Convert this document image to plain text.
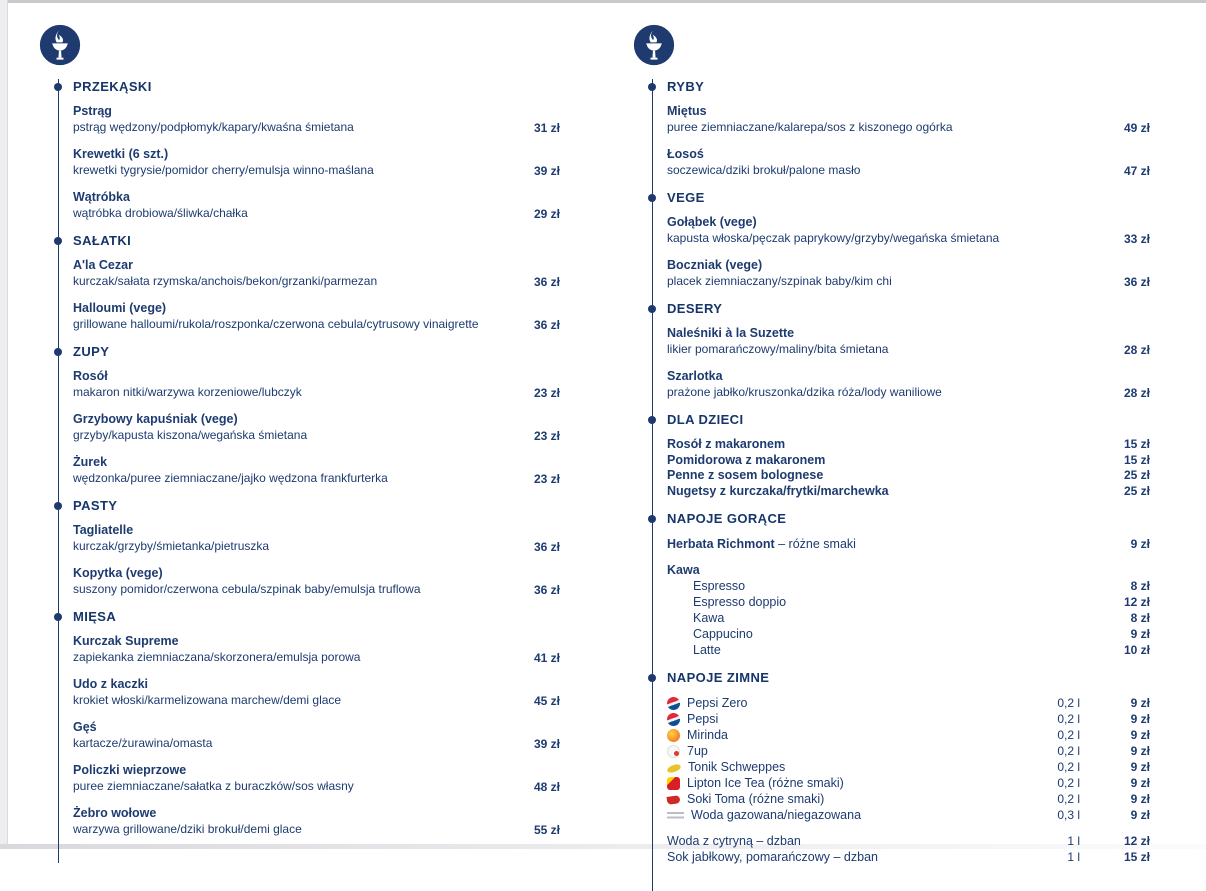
PRZEKĄSKI
Pstrąg
pstrąg wędzony/podpłomyk/kapary/kwaśna śmietana	31 zł
Krewetki (6 szt.)
krewetki tygrysie/pomidor cherry/emulsja winno-maślana	39 zł
Wątróbka
wątróbka drobiowa/śliwka/chałka	29 zł
SAŁATKI
A'la Cezar
kurczak/sałata rzymska/anchois/bekon/grzanki/parmezan	36 zł
Halloumi (vege)
grillowane halloumi/rukola/roszponka/czerwona cebula/cytrusowy vinaigrette	36 zł
ZUPY
Rosół
makaron nitki/warzywa korzeniowe/lubczyk	23 zł
Grzybowy kapuśniak (vege)
grzyby/kapusta kiszona/wegańska śmietana	23 zł
Żurek
wędzonka/puree ziemniaczane/jajko wędzona frankfurterka	23 zł
PASTY
Tagliatelle
kurczak/grzyby/śmietanka/pietruszka	36 zł
Kopytka (vege)
suszony pomidor/czerwona cebula/szpinak baby/emulsja truflowa	36 zł
MIĘSA
Kurczak Supreme
zapiekanka ziemniaczana/skorzonera/emulsja porowa	41 zł
Udo z kaczki
krokiet włoski/karmelizowana marchew/demi glace	45 zł
Gęś
kartacze/żurawina/omasta	39 zł
Policzki wieprzowe
puree ziemniaczane/sałatka z buraczków/sos własny	48 zł
Żebro wołowe
warzywa grillowane/dziki brokuł/demi glace	55 zł
RYBY
Miętus
puree ziemniaczane/kalarepa/sos z kiszonego ogórka	49 zł
Łosoś
soczewica/dziki brokuł/palone masło	47 zł
VEGE
Gołąbek (vege)
kapusta włoska/pęczak paprykowy/grzyby/wegańska śmietana	33 zł
Boczniak (vege)
placek ziemniaczany/szpinak baby/kim chi	36 zł
DESERY
Naleśniki à la Suzette
likier pomarańczowy/maliny/bita śmietana	28 zł
Szarlotka
prażone jabłko/kruszonka/dzika róża/lody waniliowe	28 zł
DLA DZIECI
Rosół z makaronem	15 zł
Pomidorowa z makaronem	15 zł
Penne z sosem bolognese	25 zł
Nugetsy z kurczaka/frytki/marchewka	25 zł
NAPOJE GORĄCE
Herbata Richmont – różne smaki	9 zł
Kawa
Espresso	8 zł
Espresso doppio	12 zł
Kawa	8 zł
Cappucino	9 zł
Latte	10 zł
NAPOJE ZIMNE
Pepsi Zero	0,2 l	9 zł
Pepsi	0,2 l	9 zł
Mirinda	0,2 l	9 zł
7up	0,2 l	9 zł
Tonik Schweppes	0,2 l	9 zł
Lipton Ice Tea (różne smaki)	0,2 l	9 zł
Soki Toma (różne smaki)	0,2 l	9 zł
Woda gazowana/niegazowana	0,3 l	9 zł
Woda z cytryną – dzban	1 l	12 zł
Sok jabłkowy, pomarańczowy – dzban	1 l	15 zł
